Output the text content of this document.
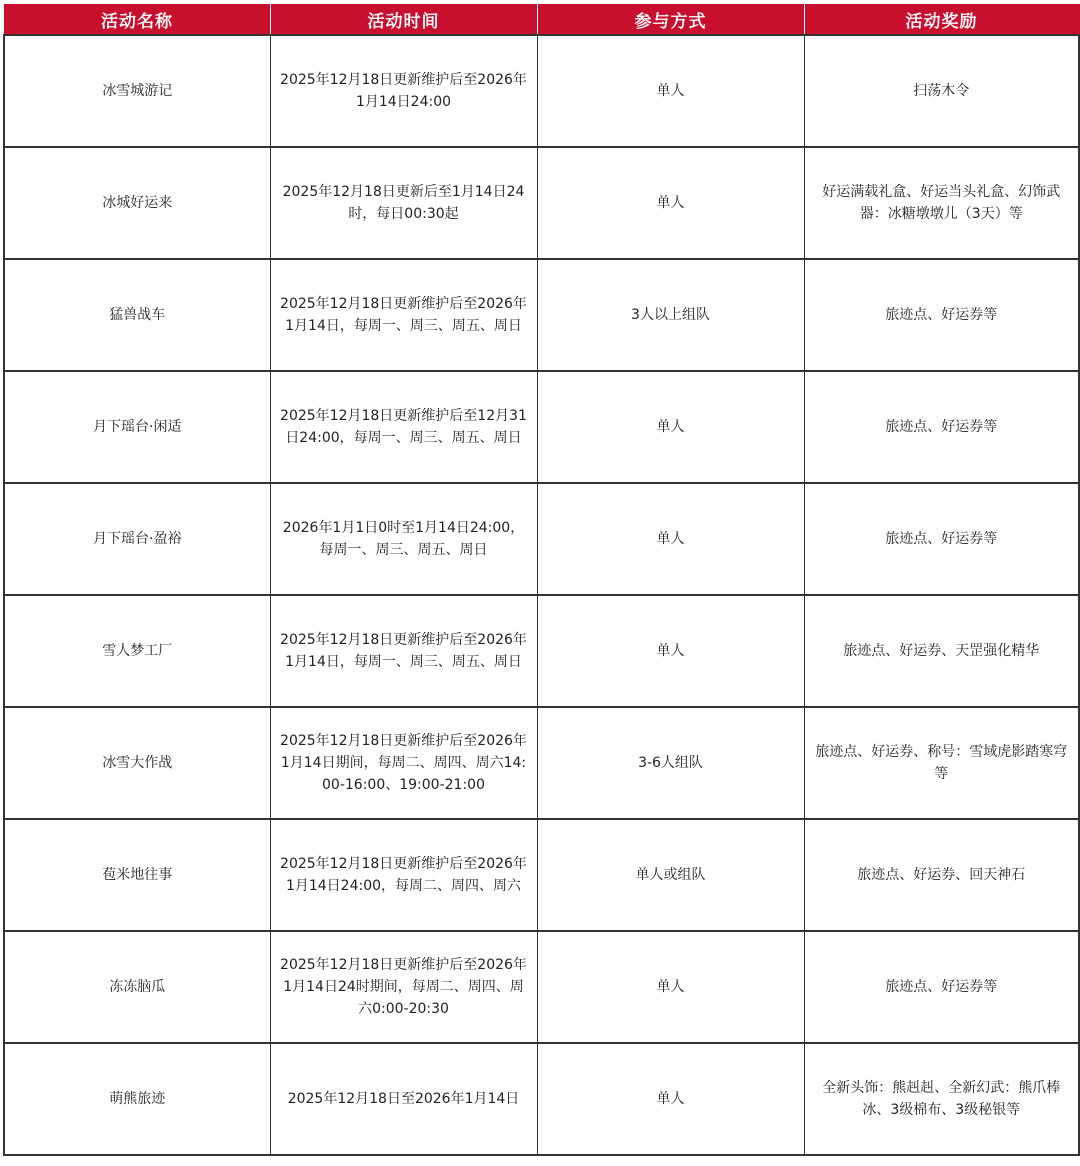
活动名称	活动时间	参与方式	活动奖励
冰雪城游记	2025年12月18日更新维护后至2026年1月14日24:00	单人	扫荡木令
冰城好运来	2025年12月18日更新后至1月14日24时，每日00:30起	单人	好运满载礼盒、好运当头礼盒、幻饰武器：冰糖墩墩儿（3天）等
猛兽战车	2025年12月18日更新维护后至2026年1月14日，每周一、周三、周五、周日	3人以上组队	旅迹点、好运券等
月下瑶台·闲适	2025年12月18日更新维护后至12月31日24:00，每周一、周三、周五、周日	单人	旅迹点、好运券等
月下瑶台·盈裕	2026年1月1日0时至1月14日24:00，每周一、周三、周五、周日	单人	旅迹点、好运券等
雪人梦工厂	2025年12月18日更新维护后至2026年1月14日，每周一、周三、周五、周日	单人	旅迹点、好运券、天罡强化精华
冰雪大作战	2025年12月18日更新维护后至2026年1月14日期间，每周二、周四、周六14:00-16:00、19:00-21:00	3-6人组队	旅迹点、好运券、称号：雪域虎影踏寒穹等
苞米地往事	2025年12月18日更新维护后至2026年1月14日24:00，每周二、周四、周六	单人或组队	旅迹点、好运券、回天神石
冻冻脑瓜	2025年12月18日更新维护后至2026年1月14日24时期间，每周二、周四、周六0:00-20:30	单人	旅迹点、好运券等
萌熊旅迹	2025年12月18日至2026年1月14日	单人	全新头饰：熊赳赳、全新幻武：熊爪棒冰、3级棉布、3级秘银等
